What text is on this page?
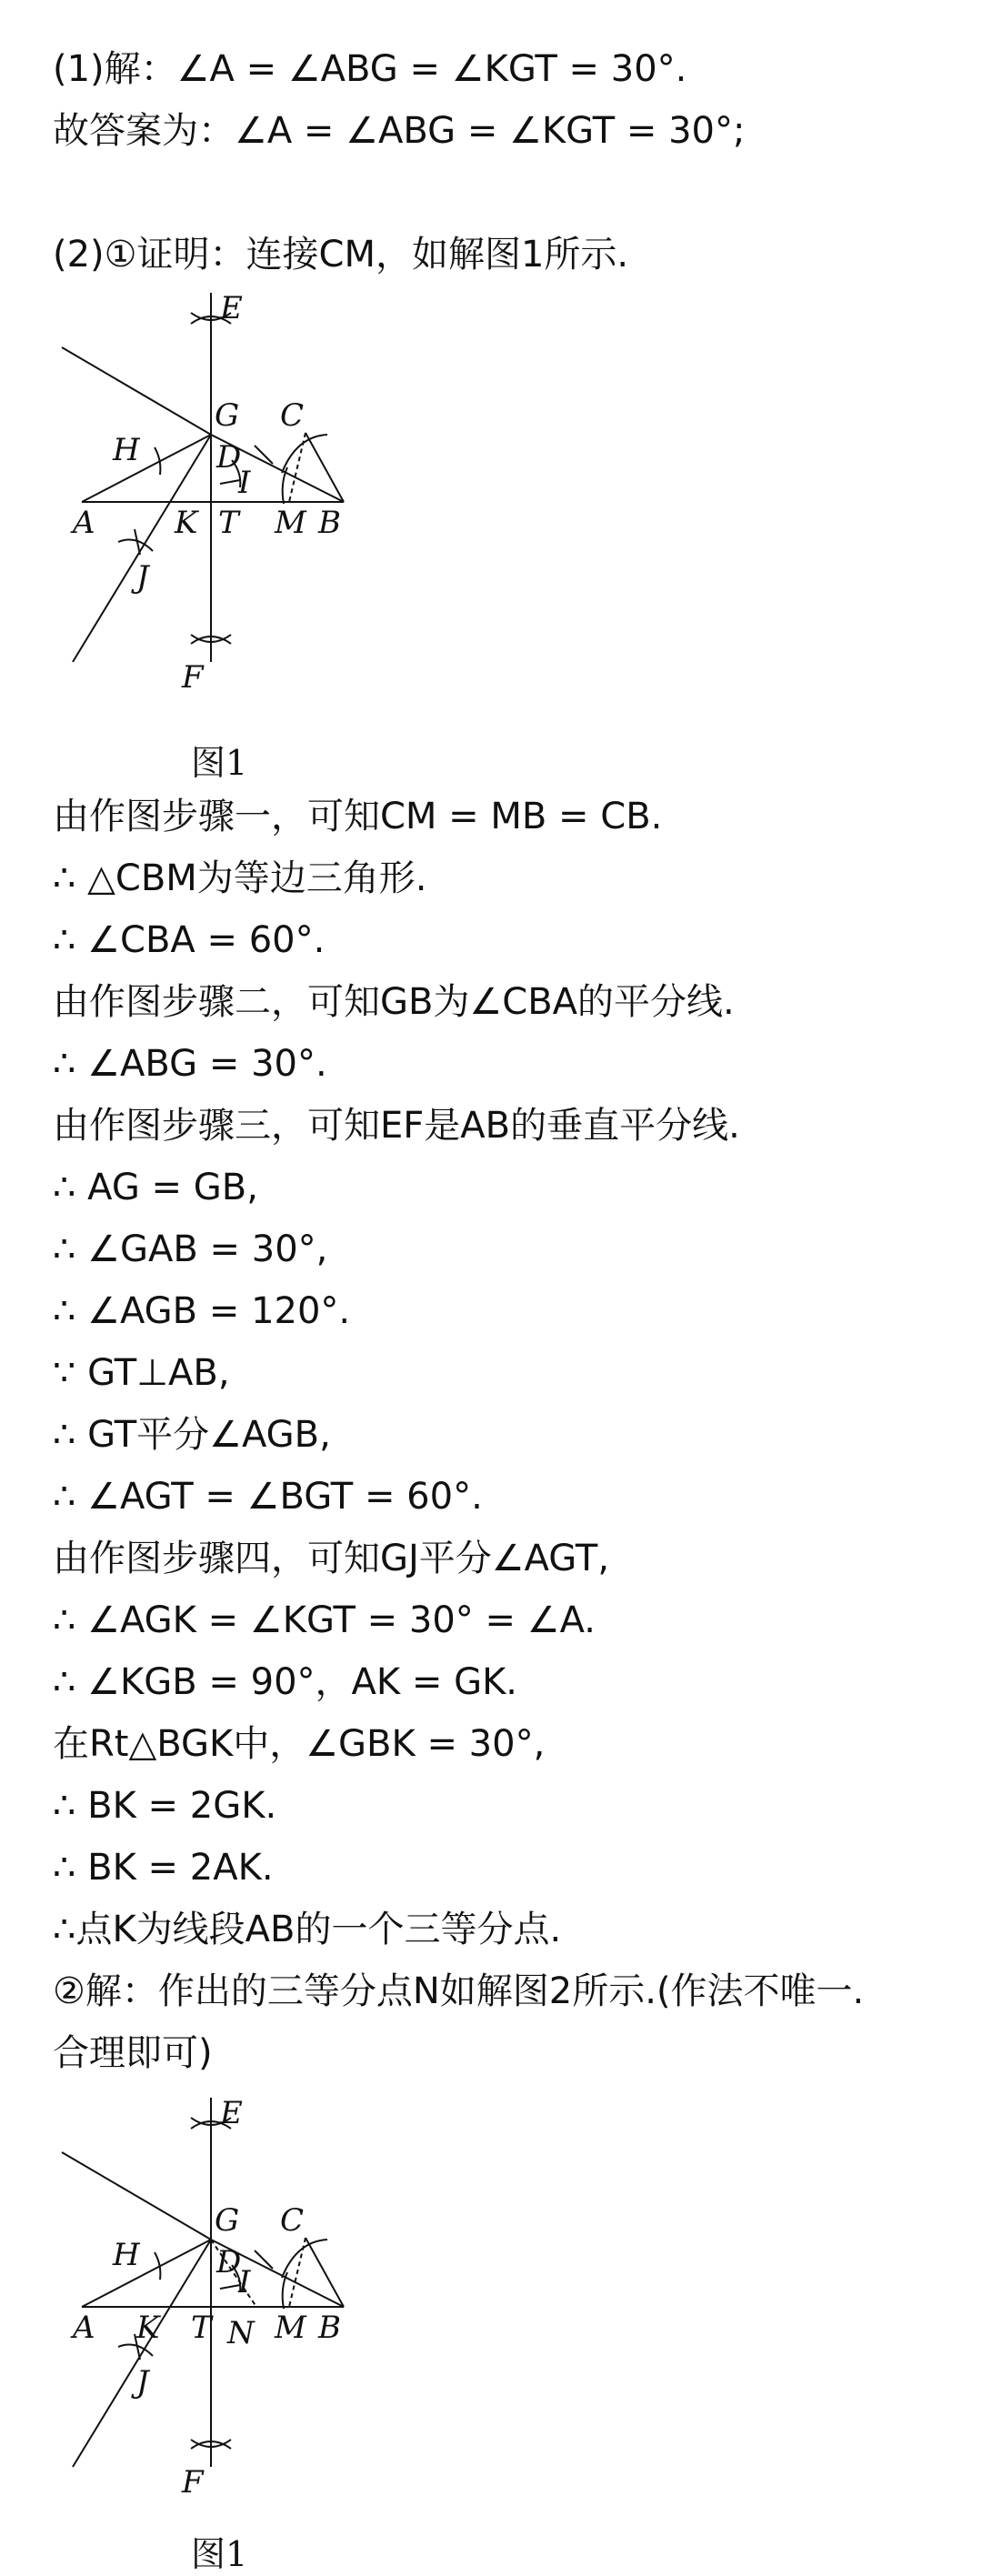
(1)解：∠A = ∠ABG = ∠KGT = 30°.
故答案为：∠A = ∠ABG = ∠KGT = 30°;
(2)①证明：连接CM，如解图1所示.
E
G C
H D
I
A	K T M B
J
F
图1
由作图步骤一，可知CM = MB = CB.
∴ △CBM为等边三角形.
∴ ∠CBA = 60°.
由作图步骤二，可知GB为∠CBA的平分线.
∴ ∠ABG = 30°.
由作图步骤三，可知EF是AB的垂直平分线.
∴ AG = GB,
∴ ∠GAB = 30°,
∴ ∠AGB = 120°.
∵ GT⊥AB,
∴ GT平分∠AGB,
∴ ∠AGT = ∠BGT = 60°.
由作图步骤四，可知GJ平分∠AGT,
∴ ∠AGK = ∠KGT = 30° = ∠A.
∴ ∠KGB = 90°，AK = GK.
在Rt△BGK中，∠GBK = 30°,
∴ BK = 2GK.
∴ BK = 2AK.
∴点K为线段AB的一个三等分点.
②解：作出的三等分点N如解图2所示.(作法不唯一.
合理即可)
E
G C
H D
I
A K T N M B
J
F
图1
